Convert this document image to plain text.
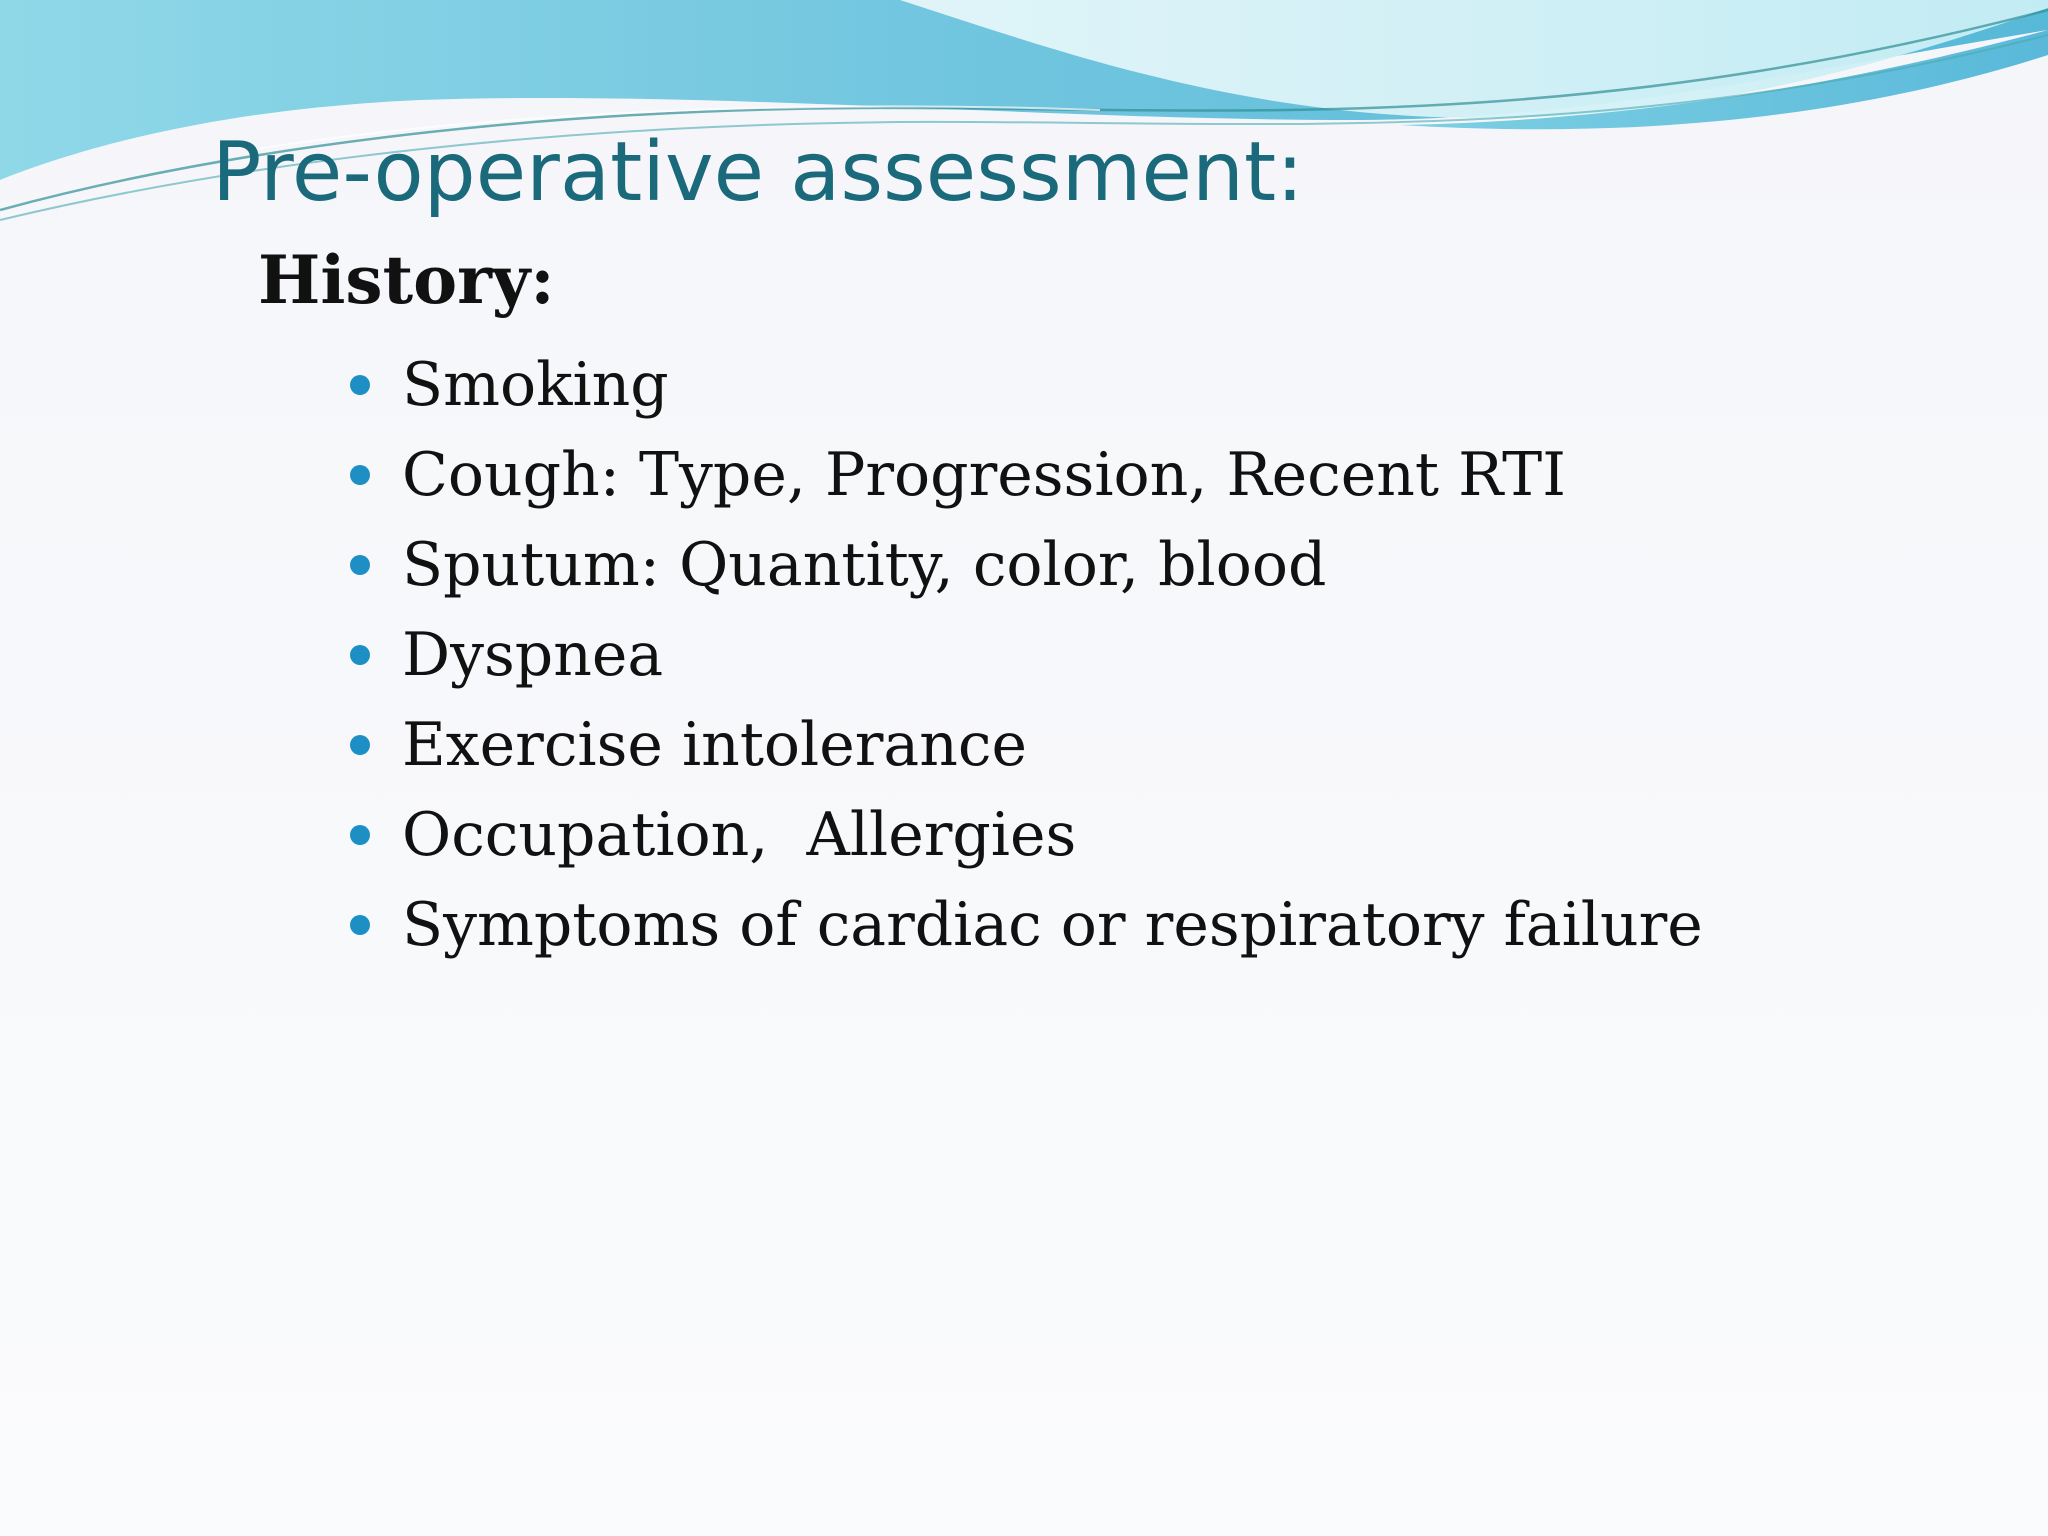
Pre-operative assessment:
History:
Smoking
Cough: Type, Progression, Recent RTI
Sputum: Quantity, color, blood
Dyspnea
Exercise intolerance
Occupation,  Allergies
Symptoms of cardiac or respiratory failure
